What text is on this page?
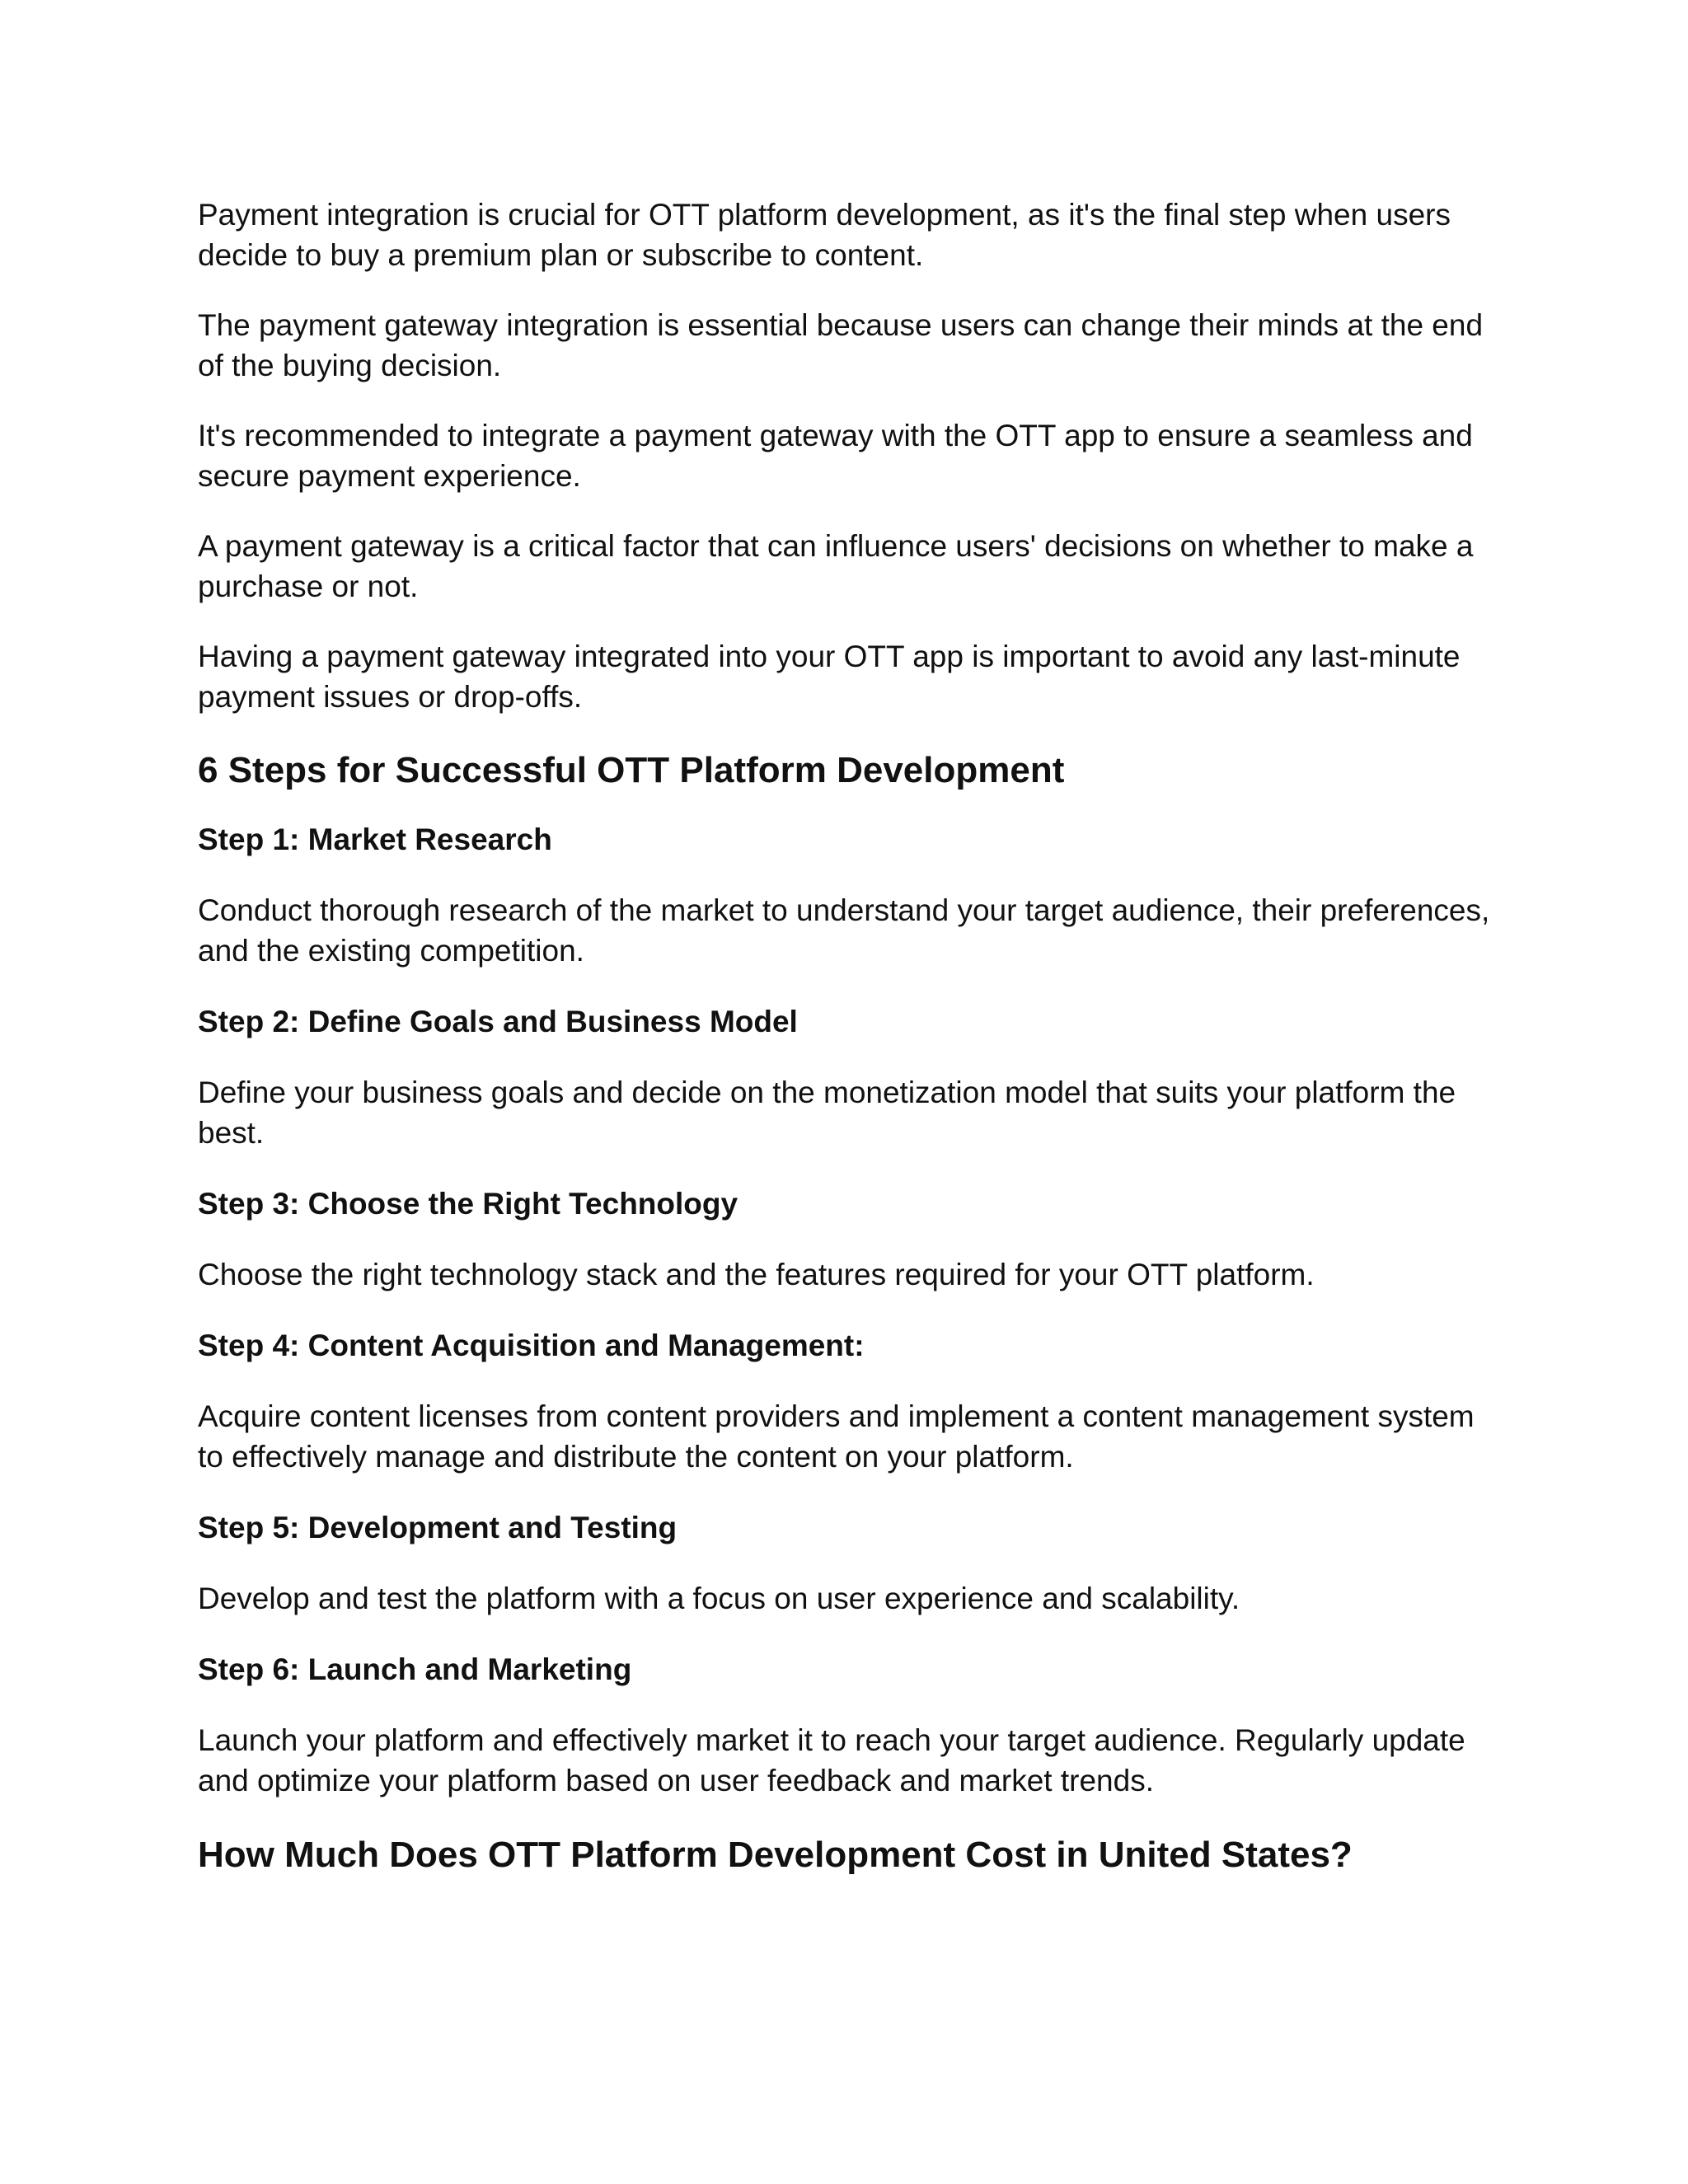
Payment integration is crucial for OTT platform development, as it's the final step when users decide to buy a premium plan or subscribe to content.

The payment gateway integration is essential because users can change their minds at the end of the buying decision.

It's recommended to integrate a payment gateway with the OTT app to ensure a seamless and secure payment experience.

A payment gateway is a critical factor that can influence users' decisions on whether to make a purchase or not.

Having a payment gateway integrated into your OTT app is important to avoid any last-minute payment issues or drop-offs.

6 Steps for Successful OTT Platform Development
Step 1: Market Research

Conduct thorough research of the market to understand your target audience, their preferences, and the existing competition.

Step 2: Define Goals and Business Model

Define your business goals and decide on the monetization model that suits your platform the best.

Step 3: Choose the Right Technology

Choose the right technology stack and the features required for your OTT platform.

Step 4: Content Acquisition and Management:

Acquire content licenses from content providers and implement a content management system to effectively manage and distribute the content on your platform.

Step 5: Development and Testing

Develop and test the platform with a focus on user experience and scalability.

Step 6: Launch and Marketing

Launch your platform and effectively market it to reach your target audience. Regularly update and optimize your platform based on user feedback and market trends.

How Much Does OTT Platform Development Cost in United States?
